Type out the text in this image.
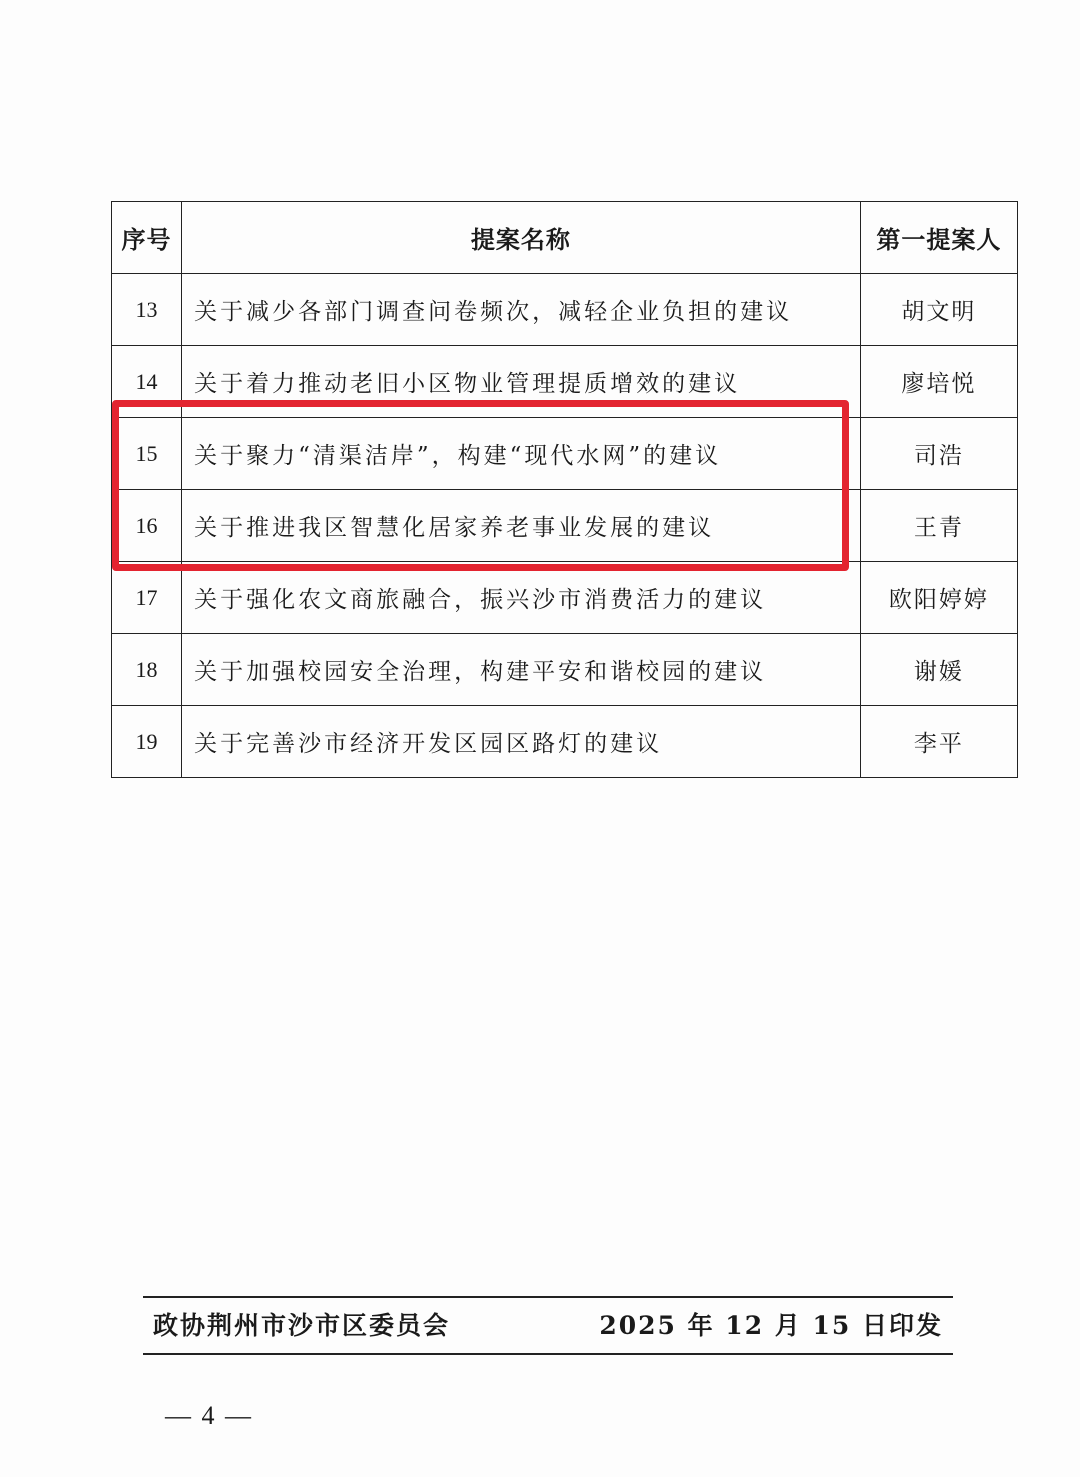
序号	提案名称	第一提案人
13	关于减少各部门调查问卷频次，减轻企业负担的建议	胡文明
14	关于着力推动老旧小区物业管理提质增效的建议	廖培悦
15	关于聚力“清渠洁岸”，构建“现代水网”的建议	司浩
16	关于推进我区智慧化居家养老事业发展的建议	王青
17	关于强化农文商旅融合，振兴沙市消费活力的建议	欧阳婷婷
18	关于加强校园安全治理，构建平安和谐校园的建议	谢媛
19	关于完善沙市经济开发区园区路灯的建议	李平
政协荆州市沙市区委员会	2025 年 12 月 15 日印发
— 4 —
